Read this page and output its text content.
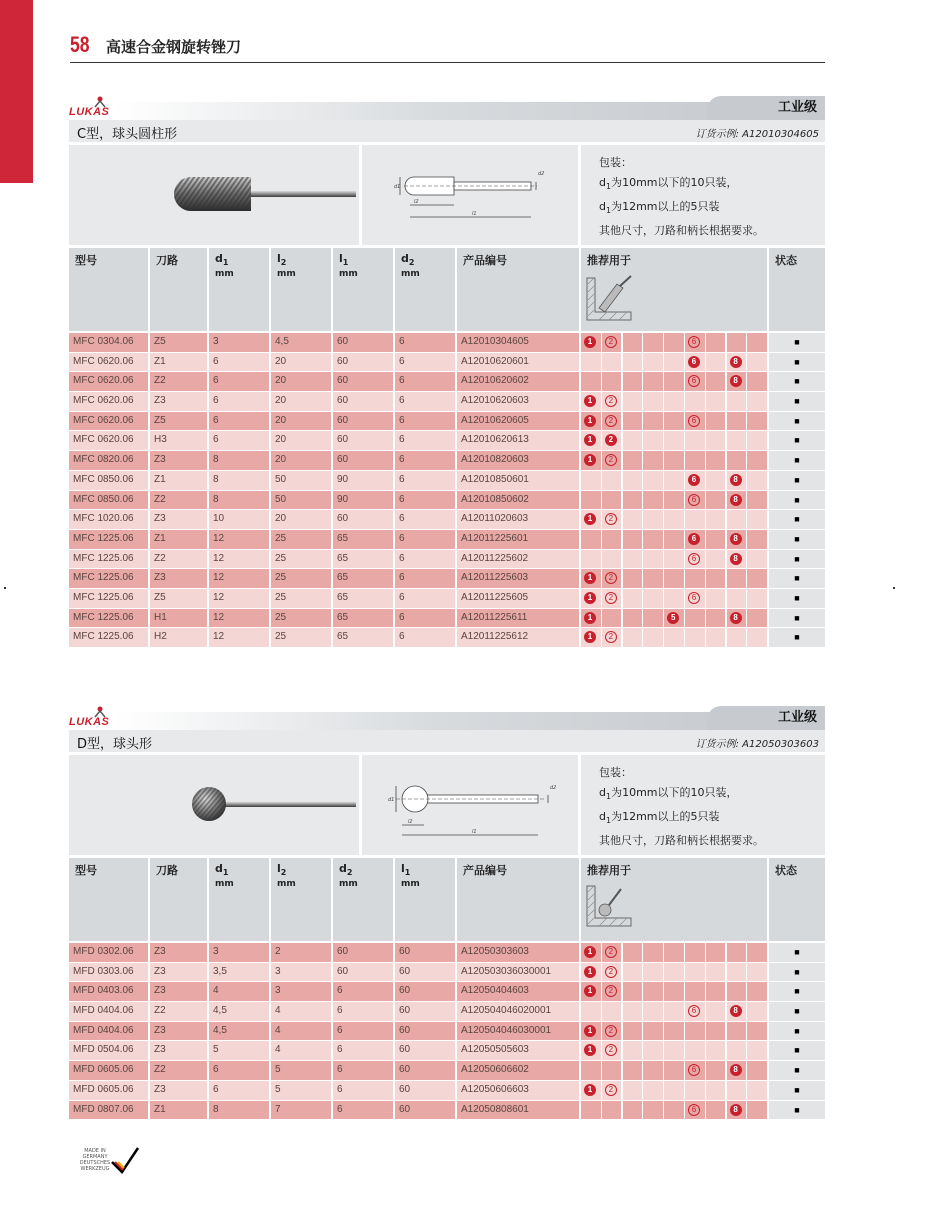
58 高速合金钢旋转锉刀
LUKAS	工业级
C型，球头圆柱形	订货示例: A12010304605
l2
l1
d2
d1
包装：
$d_1$为10mm以下的10只装，
$d_1$为12mm以上的5只装
其他尺寸，刀路和柄长根据要求。
型号	刀路	$d_1$
mm
$l_2$
mm
$l_1$
mm
$d_2$
mm
产品编号	推荐用于	状态
MFC 0304.06	Z5	3	4,5	60	6	A12010304605	1	2	6	■
MFC 0620.06	Z1	6	20	60	6	A12010620601	6	8	■
MFC 0620.06	Z2	6	20	60	6	A12010620602	6	8	■
MFC 0620.06	Z3	6	20	60	6	A12010620603	1	2	■
MFC 0620.06	Z5	6	20	60	6	A12010620605	1	2	6	■
MFC 0620.06	H3	6	20	60	6	A12010620613	1	2	■
MFC 0820.06	Z3	8	20	60	6	A12010820603	1	2	■
MFC 0850.06	Z1	8	50	90	6	A12010850601	6	8	■
MFC 0850.06	Z2	8	50	90	6	A12010850602	6	8	■
MFC 1020.06	Z3	10	20	60	6	A12011020603	1	2	■
MFC 1225.06	Z1	12	25	65	6	A12011225601	6	8	■
MFC 1225.06	Z2	12	25	65	6	A12011225602	6	8	■
MFC 1225.06	Z3	12	25	65	6	A12011225603	1	2	■
MFC 1225.06	Z5	12	25	65	6	A12011225605	1	2	6	■
MFC 1225.06	H1	12	25	65	6	A12011225611	1	5	8	■
MFC 1225.06	H2	12	25	65	6	A12011225612	1	2	■
LUKAS	工业级
D型，球头形	订货示例: A12050303603
l2
l1
d2
d1
包装：
$d_1$为10mm以下的10只装，
$d_1$为12mm以上的5只装
其他尺寸，刀路和柄长根据要求。
型号	刀路	$d_1$
mm
$l_2$
mm
$d_2$
mm
$l_1$
mm
产品编号	推荐用于	状态
MFD 0302.06	Z3	3	2	60	60	A12050303603	1	2	■
MFD 0303.06	Z3	3,5	3	60	60	A120503036030001	1	2	■
MFD 0403.06	Z3	4	3	6	60	A12050404603	1	2	■
MFD 0404.06	Z2	4,5	4	6	60	A120504046020001	6	8	■
MFD 0404.06	Z3	4,5	4	6	60	A120504046030001	1	2	■
MFD 0504.06	Z3	5	4	6	60	A12050505603	1	2	■
MFD 0605.06	Z2	6	5	6	60	A12050606602	6	8	■
MFD 0605.06	Z3	6	5	6	60	A12050606603	1	2	■
MFD 0807.06	Z1	8	7	6	60	A12050808601	6	8	■
MADE IN GERMANY DEUTSCHES WERKZEUG
